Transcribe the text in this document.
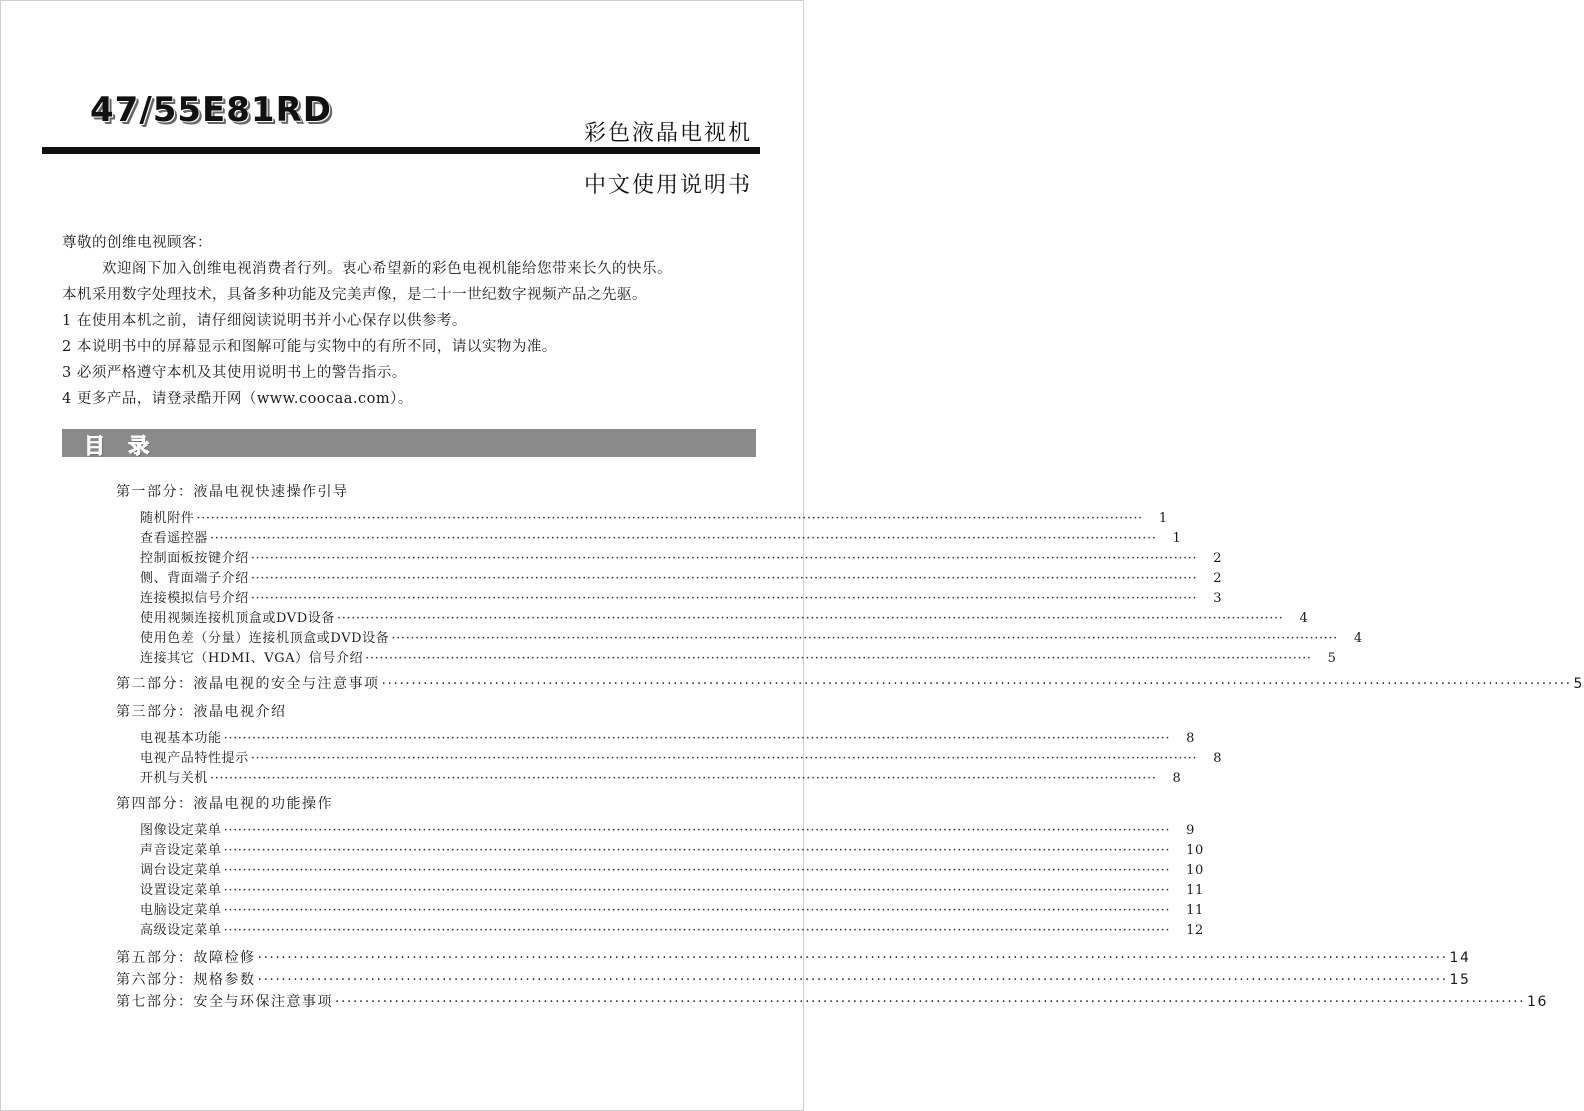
47/55E81RD
彩色液晶电视机
中文使用说明书
尊敬的创维电视顾客：
欢迎阁下加入创维电视消费者行列。衷心希望新的彩色电视机能给您带来长久的快乐。
本机采用数字处理技术，具备多种功能及完美声像，是二十一世纪数字视频产品之先驱。
1 在使用本机之前，请仔细阅读说明书并小心保存以供参考。
2 本说明书中的屏幕显示和图解可能与实物中的有所不同，请以实物为准。
3 必须严格遵守本机及其使用说明书上的警告指示。
4 更多产品，请登录酷开网（www.coocaa.com）。
目 录
第一部分：液晶电视快速操作引导
随机附件 ········································································································································································································ 1
查看遥控器 ········································································································································································································ 1
控制面板按键介绍 ········································································································································································································ 2
侧、背面端子介绍 ········································································································································································································ 2
连接模拟信号介绍 ········································································································································································································ 3
使用视频连接机顶盒或DVD设备 ········································································································································································································ 4
使用色差（分量）连接机顶盒或DVD设备 ········································································································································································································ 4
连接其它（HDMI、VGA）信号介绍 ········································································································································································································ 5
第二部分：液晶电视的安全与注意事项 ········································································································································································································ 5
第三部分：液晶电视介绍
电视基本功能 ········································································································································································································ 8
电视产品特性提示 ········································································································································································································ 8
开机与关机 ········································································································································································································ 8
第四部分：液晶电视的功能操作
图像设定菜单 ········································································································································································································ 9
声音设定菜单 ········································································································································································································ 10
调台设定菜单 ········································································································································································································ 10
设置设定菜单 ········································································································································································································ 11
电脑设定菜单 ········································································································································································································ 11
高级设定菜单 ········································································································································································································ 12
第五部分：故障检修 ········································································································································································································ 14
第六部分：规格参数 ········································································································································································································ 15
第七部分：安全与环保注意事项 ········································································································································································································ 16
